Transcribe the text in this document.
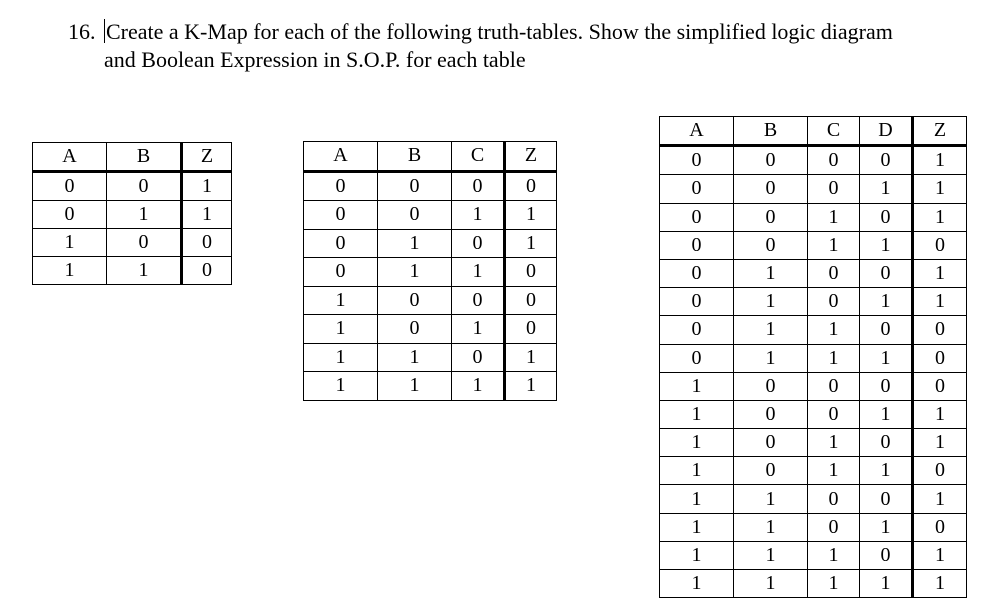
16. Create a K-Map for each of the following truth-tables. Show the simplified logic diagram
and Boolean Expression in S.O.P. for each table
A	B	Z
0	0	1
0	1	1
1	0	0
1	1	0
A	B	C	Z
0	0	0	0
0	0	1	1
0	1	0	1
0	1	1	0
1	0	0	0
1	0	1	0
1	1	0	1
1	1	1	1
A	B	C	D	Z
0	0	0	0	1
0	0	0	1	1
0	0	1	0	1
0	0	1	1	0
0	1	0	0	1
0	1	0	1	1
0	1	1	0	0
0	1	1	1	0
1	0	0	0	0
1	0	0	1	1
1	0	1	0	1
1	0	1	1	0
1	1	0	0	1
1	1	0	1	0
1	1	1	0	1
1	1	1	1	1
